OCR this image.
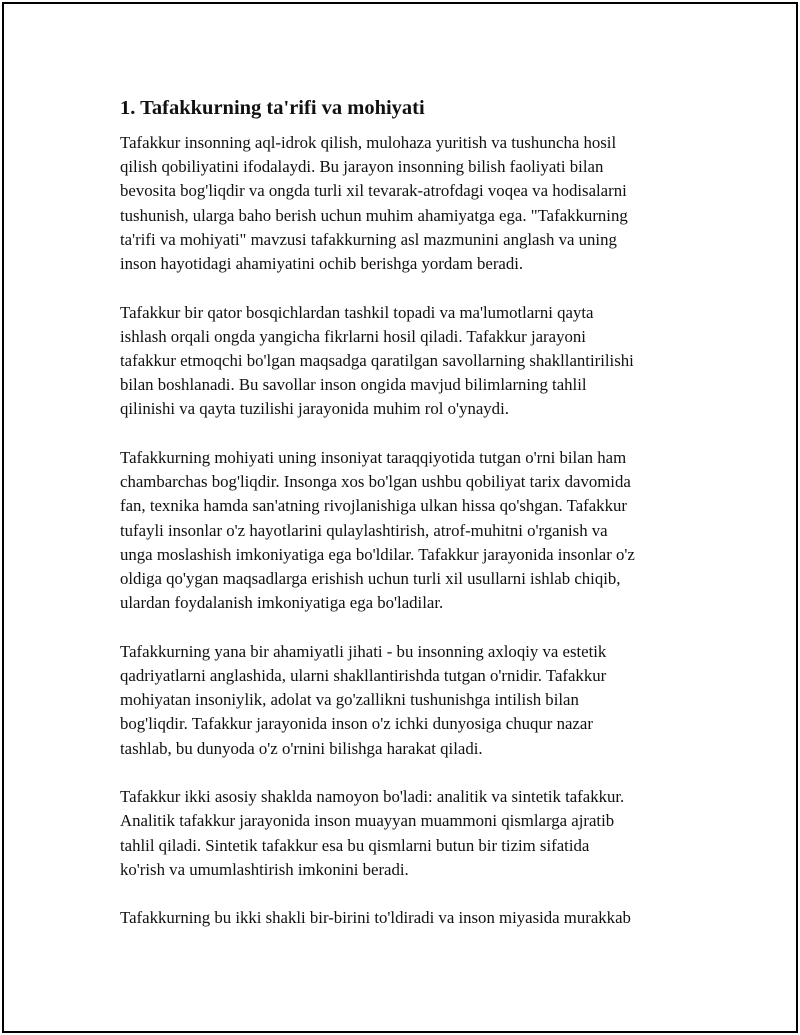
1. Tafakkurning ta'rifi va mohiyati

Tafakkur insonning aql-idrok qilish, mulohaza yuritish va tushuncha hosil
qilish qobiliyatini ifodalaydi. Bu jarayon insonning bilish faoliyati bilan
bevosita bog'liqdir va ongda turli xil tevarak-atrofdagi voqea va hodisalarni
tushunish, ularga baho berish uchun muhim ahamiyatga ega. "Tafakkurning
ta'rifi va mohiyati" mavzusi tafakkurning asl mazmunini anglash va uning
inson hayotidagi ahamiyatini ochib berishga yordam beradi.

Tafakkur bir qator bosqichlardan tashkil topadi va ma'lumotlarni qayta
ishlash orqali ongda yangicha fikrlarni hosil qiladi. Tafakkur jarayoni
tafakkur etmoqchi bo'lgan maqsadga qaratilgan savollarning shakllantirilishi
bilan boshlanadi. Bu savollar inson ongida mavjud bilimlarning tahlil
qilinishi va qayta tuzilishi jarayonida muhim rol o'ynaydi.

Tafakkurning mohiyati uning insoniyat taraqqiyotida tutgan o'rni bilan ham
chambarchas bog'liqdir. Insonga xos bo'lgan ushbu qobiliyat tarix davomida
fan, texnika hamda san'atning rivojlanishiga ulkan hissa qo'shgan. Tafakkur
tufayli insonlar o'z hayotlarini qulaylashtirish, atrof-muhitni o'rganish va
unga moslashish imkoniyatiga ega bo'ldilar. Tafakkur jarayonida insonlar o'z
oldiga qo'ygan maqsadlarga erishish uchun turli xil usullarni ishlab chiqib,
ulardan foydalanish imkoniyatiga ega bo'ladilar.

Tafakkurning yana bir ahamiyatli jihati - bu insonning axloqiy va estetik
qadriyatlarni anglashida, ularni shakllantirishda tutgan o'rnidir. Tafakkur
mohiyatan insoniylik, adolat va go'zallikni tushunishga intilish bilan
bog'liqdir. Tafakkur jarayonida inson o'z ichki dunyosiga chuqur nazar
tashlab, bu dunyoda o'z o'rnini bilishga harakat qiladi.

Tafakkur ikki asosiy shaklda namoyon bo'ladi: analitik va sintetik tafakkur.
Analitik tafakkur jarayonida inson muayyan muammoni qismlarga ajratib
tahlil qiladi. Sintetik tafakkur esa bu qismlarni butun bir tizim sifatida
ko'rish va umumlashtirish imkonini beradi.

Tafakkurning bu ikki shakli bir-birini to'ldiradi va inson miyasida murakkab
